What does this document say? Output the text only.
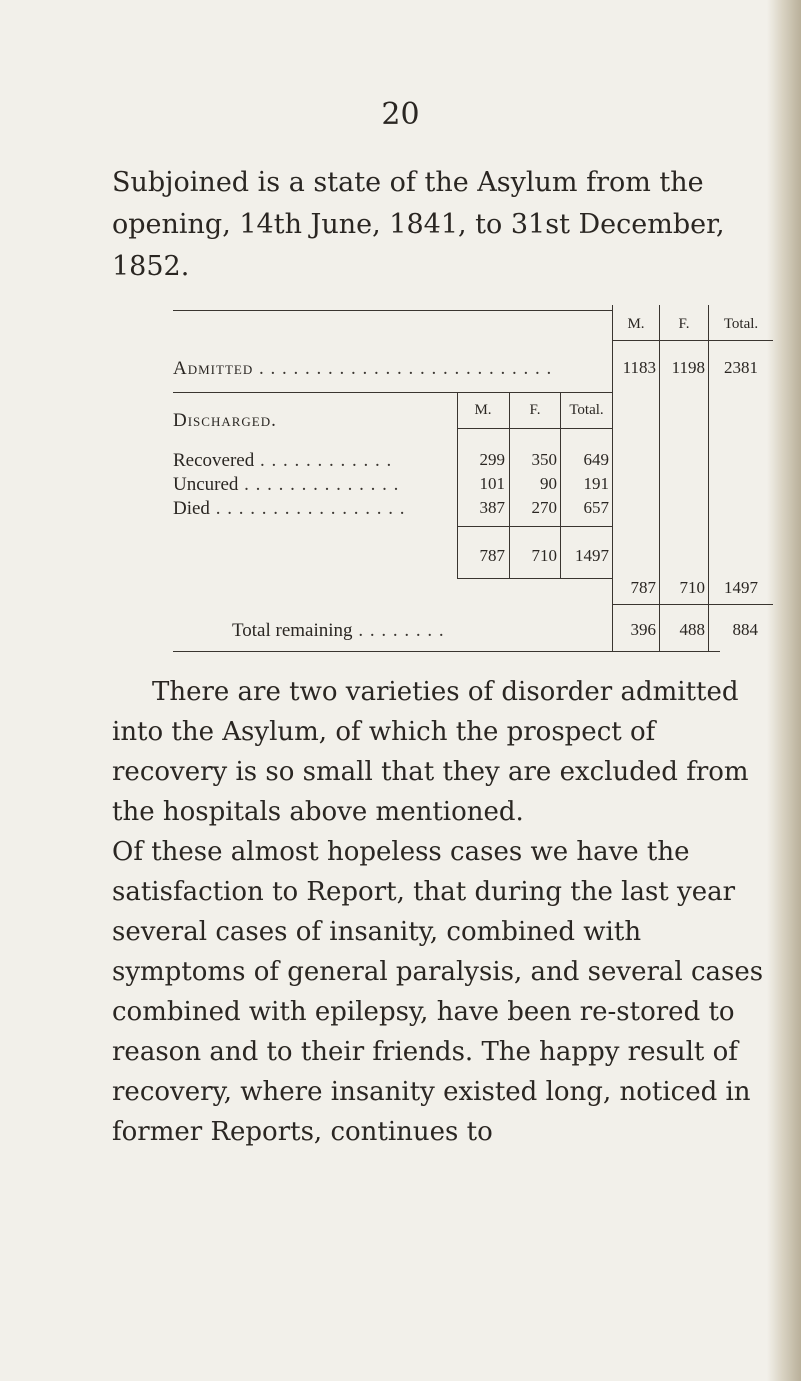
20

Subjoined is a state of the Asylum from the opening, 14th June, 1841, to 31st December, 1852.

M.	F.	Total.
Admitted . . . . . . . . . . . . . . . . . . . . . . . . . .	1183 1198	2381
Discharged.	M.	F.	Total.
Recovered . . . . . . . . . . . .	299	350	649
Uncured . . . . . . . . . . . . . .	101	90	191
Died . . . . . . . . . . . . . . . . .	387	270	657
787	710	1497
787	710	1497
Total remaining . . . . . . . .	396	488	884

There are two varieties of disorder admitted into the Asylum, of which the prospect of recovery is so small that they are excluded from the hospitals above mentioned.

Of these almost hopeless cases we have the satisfaction to Report, that during the last year several cases of insanity, combined with symptoms of general paralysis, and several cases combined with epilepsy, have been re-stored to reason and to their friends. The happy result of recovery, where insanity existed long, noticed in former Reports, continues to
